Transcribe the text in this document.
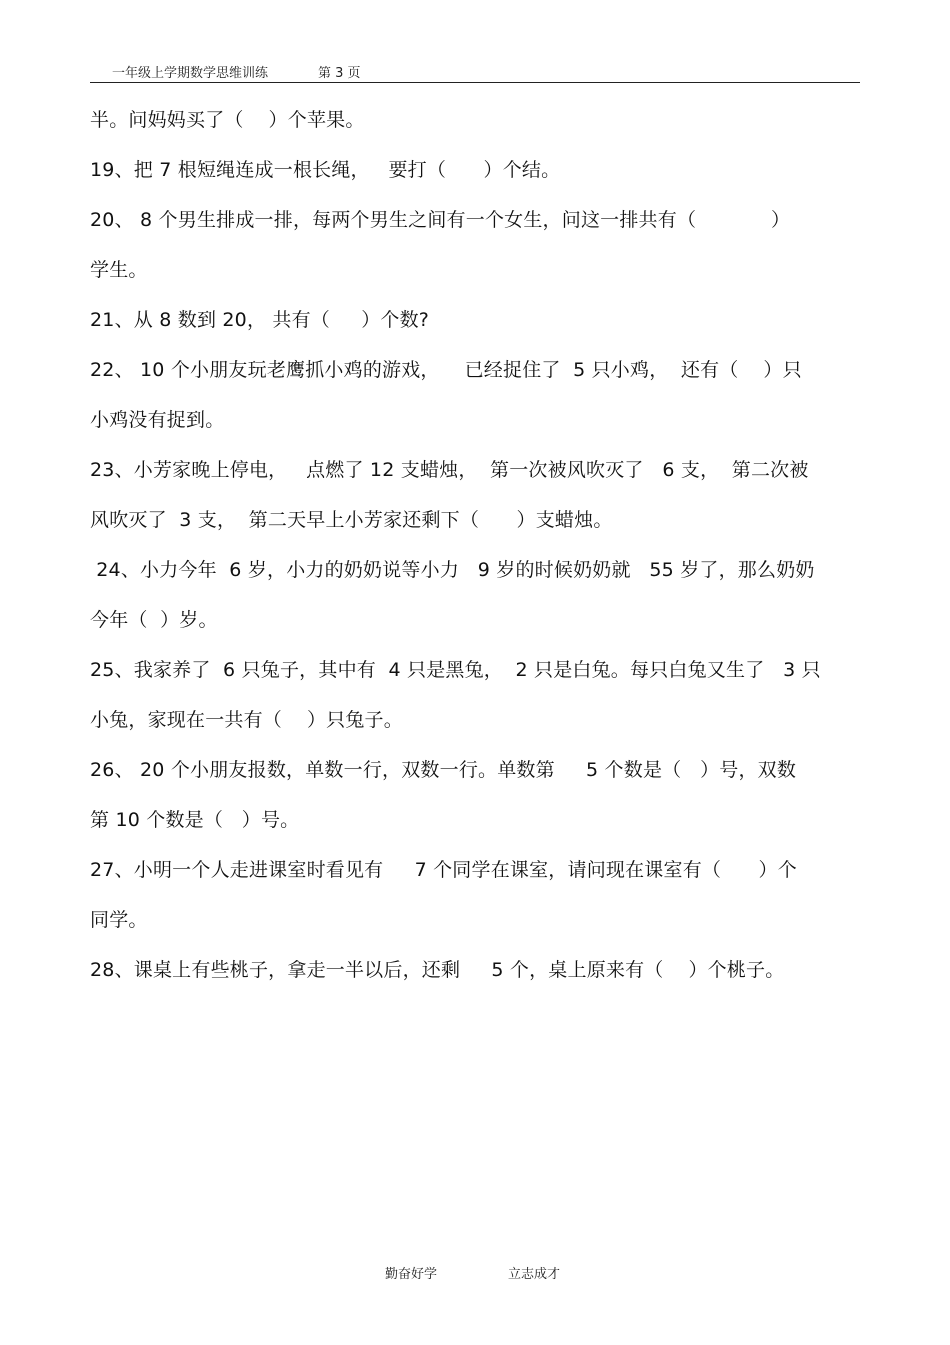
一年级上学期数学思维训练	第 3 页
半。问妈妈买了（    ）个苹果。
19、把 7 根短绳连成一根长绳，   要打（      ）个结。
20、 8 个男生排成一排，每两个男生之间有一个女生，问这一排共有（            ）
学生。
21、从 8 数到 20， 共有（     ）个数?
22、 10 个小朋友玩老鹰抓小鸡的游戏，    已经捉住了  5 只小鸡，  还有（    ）只
小鸡没有捉到。
23、小芳家晚上停电，   点燃了 12 支蜡烛，  第一次被风吹灭了   6 支，  第二次被
风吹灭了  3 支，  第二天早上小芳家还剩下（      ）支蜡烛。
24、小力今年  6 岁，小力的奶奶说等小力   9 岁的时候奶奶就   55 岁了，那么奶奶
今年（  ）岁。
25、我家养了  6 只兔子，其中有  4 只是黑兔，  2 只是白兔。每只白兔又生了   3 只
小兔，家现在一共有（    ）只兔子。
26、 20 个小朋友报数，单数一行，双数一行。单数第     5 个数是（   ）号，双数
第 10 个数是（   ）号。
27、小明一个人走进课室时看见有     7 个同学在课室，请问现在课室有（      ）个
同学。
28、课桌上有些桃子，拿走一半以后，还剩     5 个，桌上原来有（    ）个桃子。
勤奋好学	立志成才
